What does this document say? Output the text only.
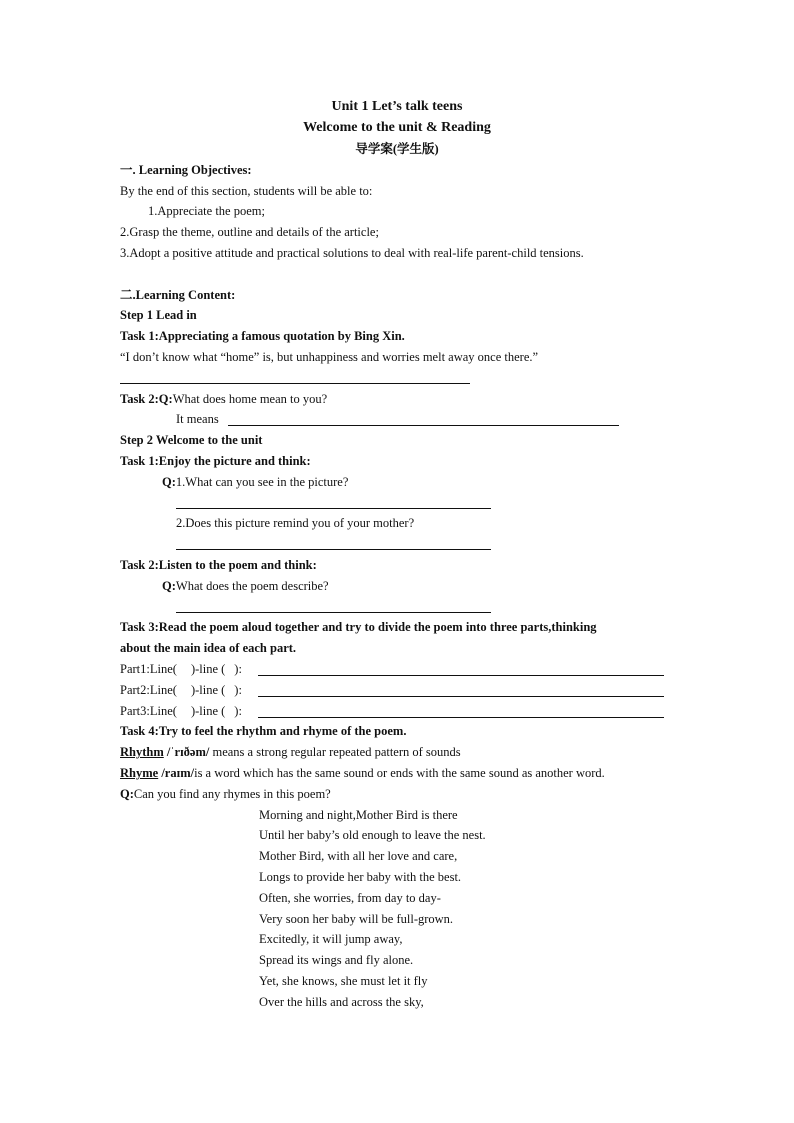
Unit 1 Let’s talk teens
Welcome to the unit & Reading
导学案(学生版)
一. Learning Objectives:
By the end of this section, students will be able to:
1.Appreciate the poem;
2.Grasp the theme, outline and details of the article;
3.Adopt a positive attitude and practical solutions to deal with real-life parent-child tensions.
二.Learning Content:
Step 1 Lead in
Task 1:Appreciating a famous quotation by Bing Xin.
“I don’t know what “home” is, but unhappiness and worries melt away once there.”
Task 2:Q:What does home mean to you?
It means
Step 2 Welcome to the unit
Task 1:Enjoy the picture and think:
Q:1.What can you see in the picture?
2.Does this picture remind you of your mother?
Task 2:Listen to the poem and think:
Q:What does the poem describe?
Task 3:Read the poem aloud together and try to divide the poem into three parts,thinking
about the main idea of each part.
Part1:Line( )-line ( ):
Part2:Line( )-line ( ):
Part3:Line( )-line ( ):
Task 4:Try to feel the rhythm and rhyme of the poem.
Rhythm /ˈrɪðəm/ means a strong regular repeated pattern of sounds
Rhyme /raɪm/is a word which has the same sound or ends with the same sound as another word.
Q:Can you find any rhymes in this poem?
Morning and night,Mother Bird is there
Until her baby’s old enough to leave the nest.
Mother Bird, with all her love and care,
Longs to provide her baby with the best.
Often, she worries, from day to day-
Very soon her baby will be full-grown.
Excitedly, it will jump away,
Spread its wings and fly alone.
Yet, she knows, she must let it fly
Over the hills and across the sky,
